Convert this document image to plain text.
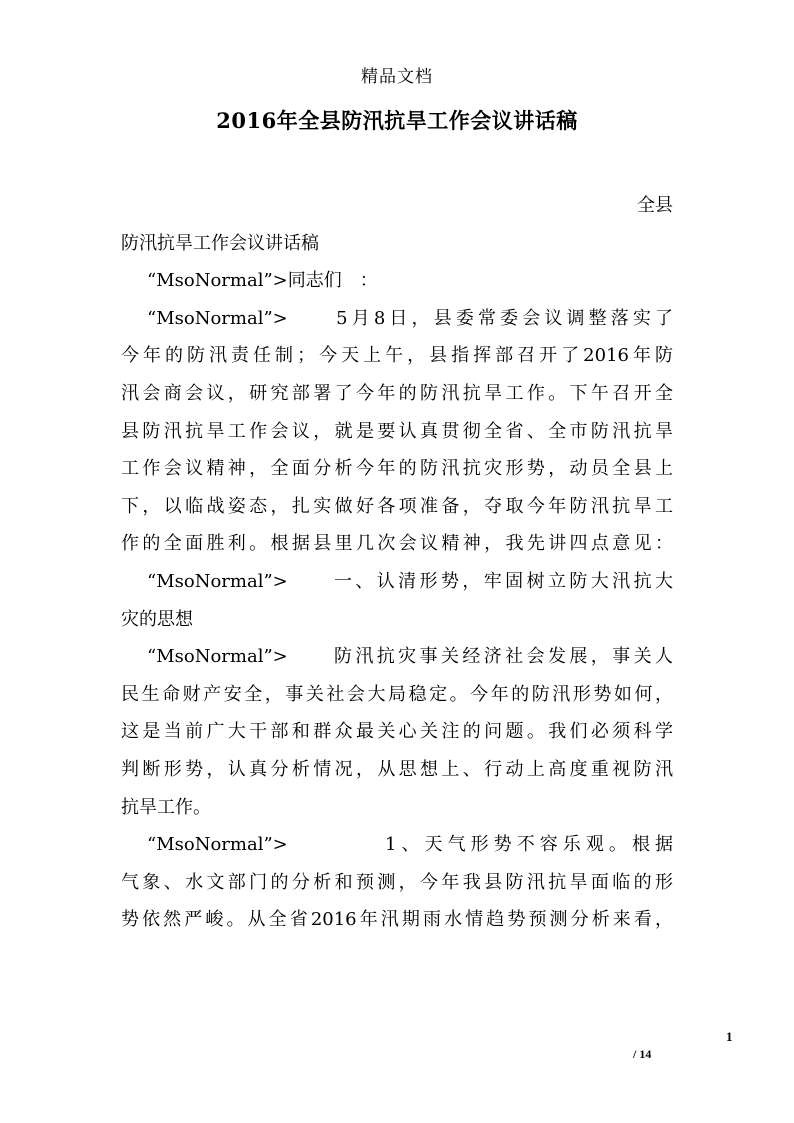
精品文档
2016年全县防汛抗旱工作会议讲话稿
全县
防汛抗旱工作会议讲话稿
“MsoNormal”>同志们　：
“MsoNormal”>　　5月8日，县委常委会议调整落实了
今年的防汛责任制；今天上午，县指挥部召开了2016年防
汛会商会议，研究部署了今年的防汛抗旱工作。下午召开全
县防汛抗旱工作会议，就是要认真贯彻全省、全市防汛抗旱
工作会议精神，全面分析今年的防汛抗灾形势，动员全县上
下，以临战姿态，扎实做好各项准备，夺取今年防汛抗旱工
作的全面胜利。根据县里几次会议精神，我先讲四点意见：
“MsoNormal”>　　一、认清形势，牢固树立防大汛抗大
灾的思想
“MsoNormal”>　　防汛抗灾事关经济社会发展，事关人
民生命财产安全，事关社会大局稳定。今年的防汛形势如何，
这是当前广大干部和群众最关心关注的问题。我们必须科学
判断形势，认真分析情况，从思想上、行动上高度重视防汛
抗旱工作。
“MsoNormal”>　　　　1、天气形势不容乐观。根据
气象、水文部门的分析和预测，今年我县防汛抗旱面临的形
势依然严峻。从全省2016年汛期雨水情趋势预测分析来看，
1
/ 14
